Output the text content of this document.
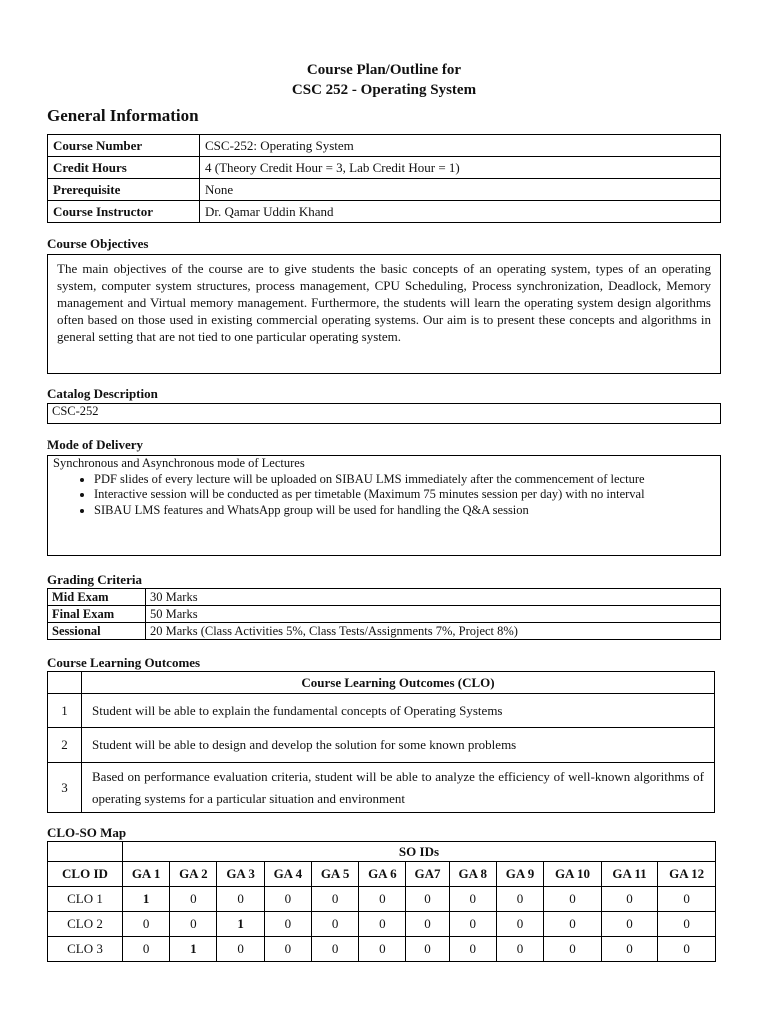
Course Plan/Outline for
CSC 252 - Operating System
General Information
Course Number	CSC-252: Operating System
Credit Hours	4 (Theory Credit Hour = 3, Lab Credit Hour = 1)
Prerequisite	None
Course Instructor	Dr. Qamar Uddin Khand
Course Objectives
The main objectives of the course are to give students the basic concepts of an operating system, types of an operating system, computer system structures, process management, CPU Scheduling, Process synchronization, Deadlock, Memory management and Virtual memory management. Furthermore, the students will learn the operating system design algorithms often based on those used in existing commercial operating systems. Our aim is to present these concepts and algorithms in general setting that are not tied to one particular operating system.
Catalog Description
CSC-252
Mode of Delivery
Synchronous and Asynchronous mode of Lectures
• PDF slides of every lecture will be uploaded on SIBAU LMS immediately after the commencement of lecture
• Interactive session will be conducted as per timetable (Maximum 75 minutes session per day) with no interval
• SIBAU LMS features and WhatsApp group will be used for handling the Q&A session
Grading Criteria
Mid Exam	30 Marks
Final Exam	50 Marks
Sessional	20 Marks (Class Activities 5%, Class Tests/Assignments 7%, Project 8%)
Course Learning Outcomes
	Course Learning Outcomes (CLO)
1	Student will be able to explain the fundamental concepts of Operating Systems
2	Student will be able to design and develop the solution for some known problems
3	Based on performance evaluation criteria, student will be able to analyze the efficiency of well-known algorithms of operating systems for a particular situation and environment
CLO-SO Map
	SO IDs											
CLO ID	GA 1	GA 2	GA 3	GA 4	GA 5	GA 6	GA7	GA 8	GA 9	GA 10	GA 11	GA 12
CLO 1	1	0	0	0	0	0	0	0	0	0	0	0
CLO 2	0	0	1	0	0	0	0	0	0	0	0	0
CLO 3	0	1	0	0	0	0	0	0	0	0	0	0
